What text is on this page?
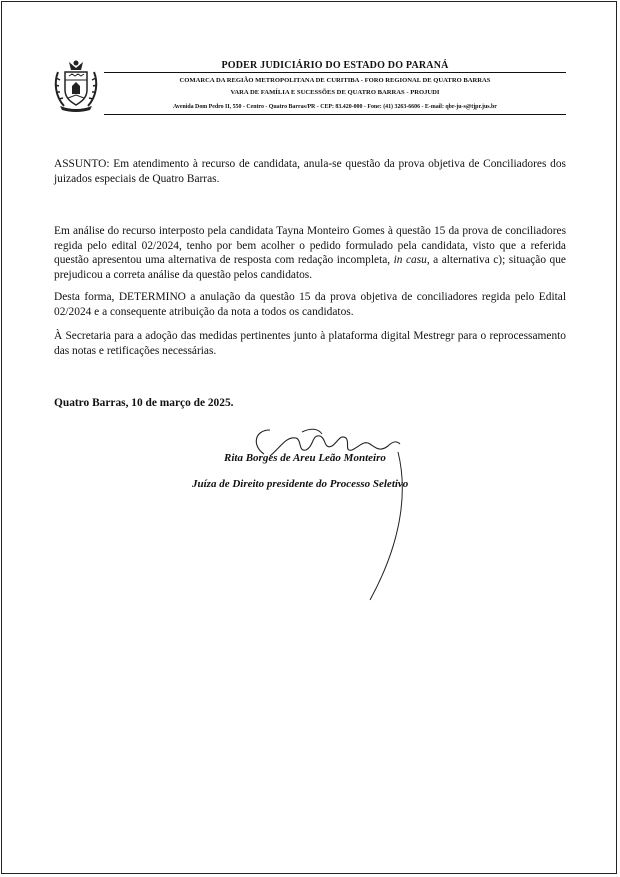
PODER JUDICIÁRIO DO ESTADO DO PARANÁ
COMARCA DA REGIÃO METROPOLITANA DE CURITIBA - FORO REGIONAL DE QUATRO BARRAS
VARA DE FAMÍLIA E SUCESSÕES DE QUATRO BARRAS - PROJUDI
Avenida Dom Pedro II, 550 - Centro - Quatro Barras/PR - CEP: 83.420-000 - Fone: (41) 3263-6606 - E-mail: qbr-ju-s@tjpr.jus.br
ASSUNTO: Em atendimento à recurso de candidata, anula-se questão da prova objetiva de Conciliadores dos juizados especiais de Quatro Barras.
Em análise do recurso interposto pela candidata Tayna Monteiro Gomes à questão 15 da prova de conciliadores regida pelo edital 02/2024, tenho por bem acolher o pedido formulado pela candidata, visto que a referida questão apresentou uma alternativa de resposta com redação incompleta, in casu, a alternativa c); situação que prejudicou a correta análise da questão pelos candidatos.
Desta forma, DETERMINO a anulação da questão 15 da prova objetiva de conciliadores regida pelo Edital 02/2024 e a consequente atribuição da nota a todos os candidatos.
À Secretaria para a adoção das medidas pertinentes junto à plataforma digital Mestregr para o reprocessamento das notas e retificações necessárias.
Quatro Barras, 10 de março de 2025.
Rita Borges de Areu Leão Monteiro
Juíza de Direito presidente do Processo Seletivo
